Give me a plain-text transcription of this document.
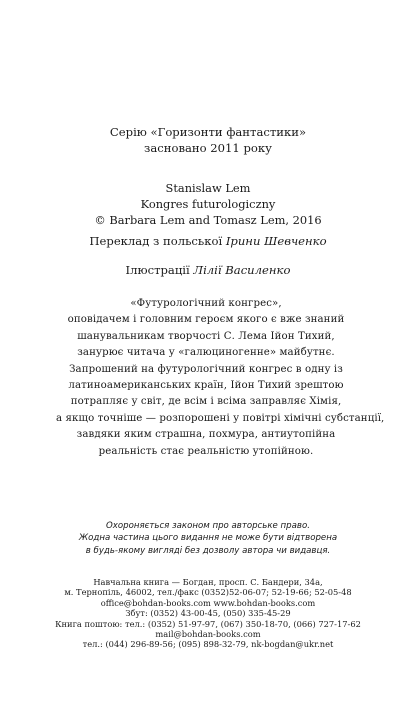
Серію «Горизонти фантастики»
засновано 2011 року
Stanislaw Lem
Kongres futurologiczny
© Barbara Lem and Tomasz Lem, 2016
Переклад з польської Ірини Шевченко
Ілюстрації Лілії Василенко
«Футурологічний конгрес»,
оповідачем і головним героєм якого є вже знаний
шанувальникам творчості С. Лема Ійон Тихий,
занурює читача у «галюциногенне» майбутнє.
Запрошений на футурологічний конгрес в одну із
латиноамериканських країн, Ійон Тихий зрештою
потрапляє у світ, де всім і всіма заправляє Хімія,
а якщо точніше — розпорошені у повітрі хімічні субстанції,
завдяки яким страшна, похмура, антиутопійна
реальність стає реальністю утопійною.
Охороняється законом про авторське право.
Жодна частина цього видання не може бути відтворена
в будь-якому вигляді без дозволу автора чи видавця.
Навчальна книга — Богдан, просп. С. Бандери, 34а,
м. Тернопіль, 46002, тел./факс (0352)52-06-07; 52-19-66; 52-05-48
office@bohdan-books.com www.bohdan-books.com
Збут: (0352) 43-00-45, (050) 335-45-29
Книга поштою: тел.: (0352) 51-97-97, (067) 350-18-70, (066) 727-17-62
mail@bohdan-books.com
тел.: (044) 296-89-56; (095) 898-32-79, nk-bogdan@ukr.net
